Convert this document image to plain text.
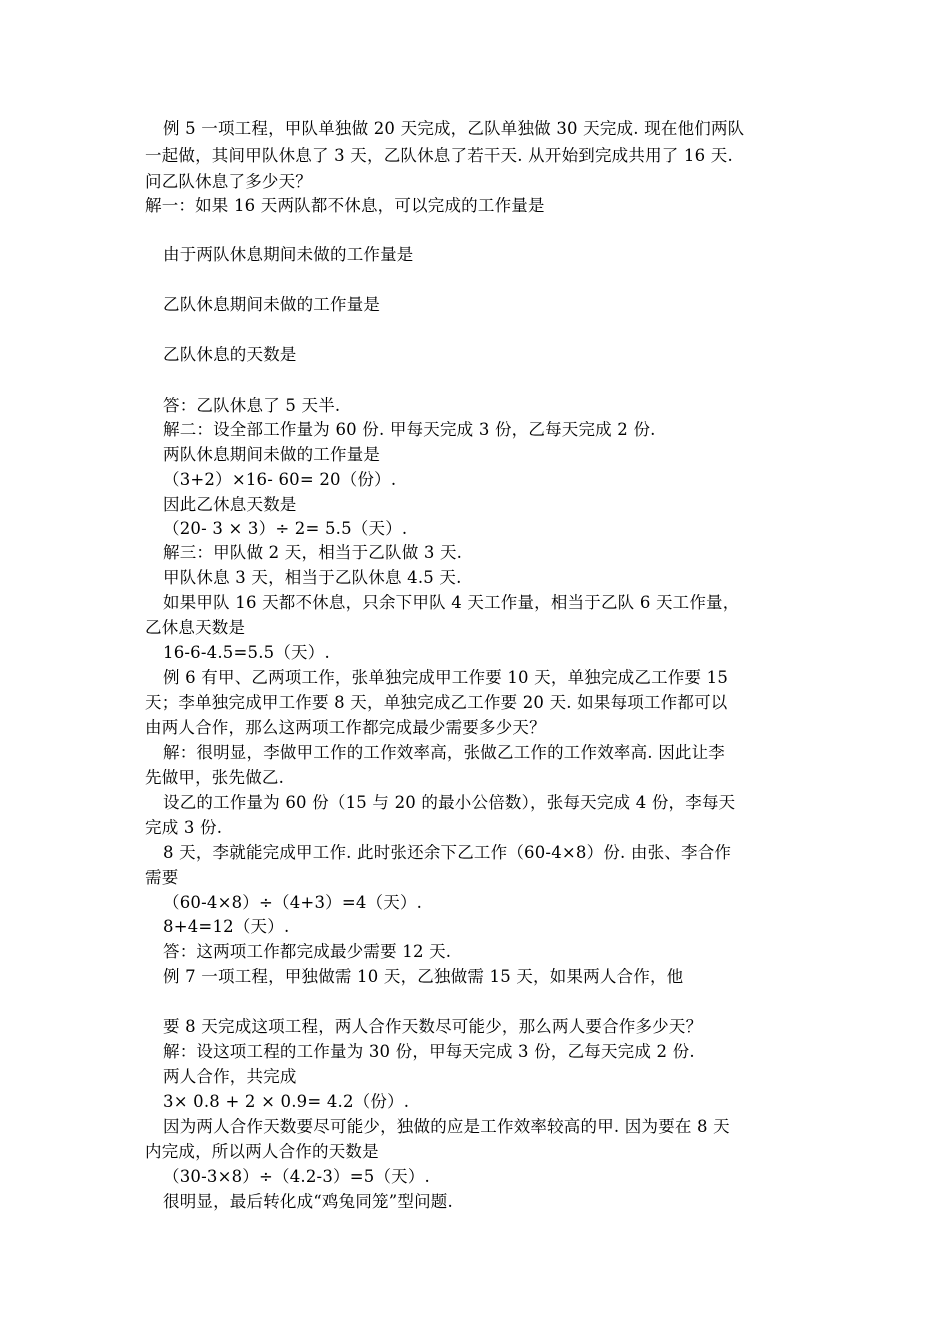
例 5 一项工程，甲队单独做 20 天完成，乙队单独做 30 天完成. 现在他们两队
一起做，其间甲队休息了 3 天，乙队休息了若干天. 从开始到完成共用了 16 天.
问乙队休息了多少天？
解一：如果 16 天两队都不休息，可以完成的工作量是
由于两队休息期间未做的工作量是
乙队休息期间未做的工作量是
乙队休息的天数是
答：乙队休息了 5 天半.
解二：设全部工作量为 60 份. 甲每天完成 3 份，乙每天完成 2 份.
两队休息期间未做的工作量是
（3+2）×16- 60= 20（份）.
因此乙休息天数是
（20- 3 × 3）÷ 2= 5.5（天）.
解三：甲队做 2 天，相当于乙队做 3 天.
甲队休息 3 天，相当于乙队休息 4.5 天.
如果甲队 16 天都不休息，只余下甲队 4 天工作量，相当于乙队 6 天工作量，
乙休息天数是
16-6-4.5=5.5（天）.
例 6 有甲、乙两项工作，张单独完成甲工作要 10 天，单独完成乙工作要 15
天；李单独完成甲工作要 8 天，单独完成乙工作要 20 天. 如果每项工作都可以
由两人合作，那么这两项工作都完成最少需要多少天？
解：很明显，李做甲工作的工作效率高，张做乙工作的工作效率高. 因此让李
先做甲，张先做乙.
设乙的工作量为 60 份（15 与 20 的最小公倍数），张每天完成 4 份，李每天
完成 3 份.
8 天，李就能完成甲工作. 此时张还余下乙工作（60-4×8）份. 由张、李合作
需要
（60-4×8）÷（4+3）=4（天）.
8+4=12（天）.
答：这两项工作都完成最少需要 12 天.
例 7 一项工程，甲独做需 10 天，乙独做需 15 天，如果两人合作，他
要 8 天完成这项工程，两人合作天数尽可能少，那么两人要合作多少天？
解：设这项工程的工作量为 30 份，甲每天完成 3 份，乙每天完成 2 份.
两人合作，共完成
3× 0.8 + 2 × 0.9= 4.2（份）.
因为两人合作天数要尽可能少，独做的应是工作效率较高的甲. 因为要在 8 天
内完成，所以两人合作的天数是
（30-3×8）÷（4.2-3）=5（天）.
很明显，最后转化成“鸡兔同笼”型问题.
